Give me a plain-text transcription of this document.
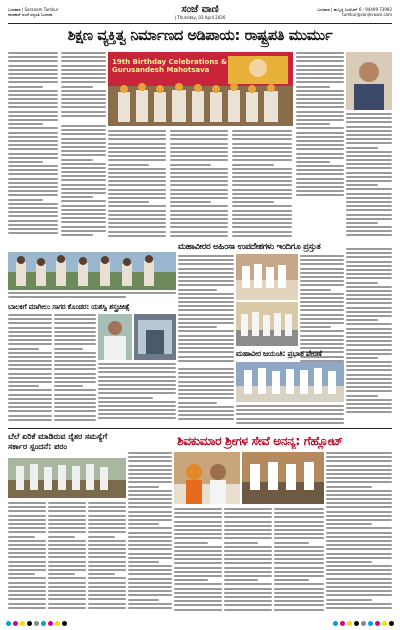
ಬುಧವಾರ | Saranam Tumkur
ನಾಟಕಾರ್ ಸಂಜೆ ಸದ್ಯಸತಿ ಬುಲಾನಾ	ಸಂಜೆ ವಾಣಿ
| Thursday, 02 April 2026
ಬುಧವಾರ | ಹುಬ್ಬಳ್ಳಿ ಬುಲೆಟಿನ್ 6 : 94499 73992
tumkur@sanjevaani.com
ಶಿಕ್ಷಣ ವ್ಯಕ್ತಿತ್ವ ನಿರ್ಮಾಣದ ಅಡಿಪಾಯ: ರಾಷ್ಟ್ರಪತಿ ಮುರ್ಮು
19th Birthday Celebrations & Gurusandesh Mahotsava
ಮಹಾವೀರರ ಅಹಿಂಸಾ ಉಪದೇಶಗಳು ಇಂದಿಗೂ ಪ್ರಸ್ತುತ
ಬಾಲಕಿಗೆ ಮಾಗೀಲು ಸಾಗರ ಕೊಂಡರ: ಯಶಸ್ವಿ ಶಸ್ತ್ರಚಿಕಿತ್ಸೆ
ಮಹಾವೀರ ಜಯಂತಿ: ಪ್ರಭಾತ ಪೇರಣೆ
ಬೆಲೆ ಏರಿಕೆ ಮಾಡಿರುವ ರೈತರ ಸಮಸ್ಯೆಗೆ ಸರ್ಕಾರ ಸ್ಪಂದನೆ: ಪರಂ	ಶಿವಕುಮಾರ ಶ್ರೀಗಳ ಸೇವೆ ಅನನ್ಯ: ಗೆಹ್ಲೋಟ್
